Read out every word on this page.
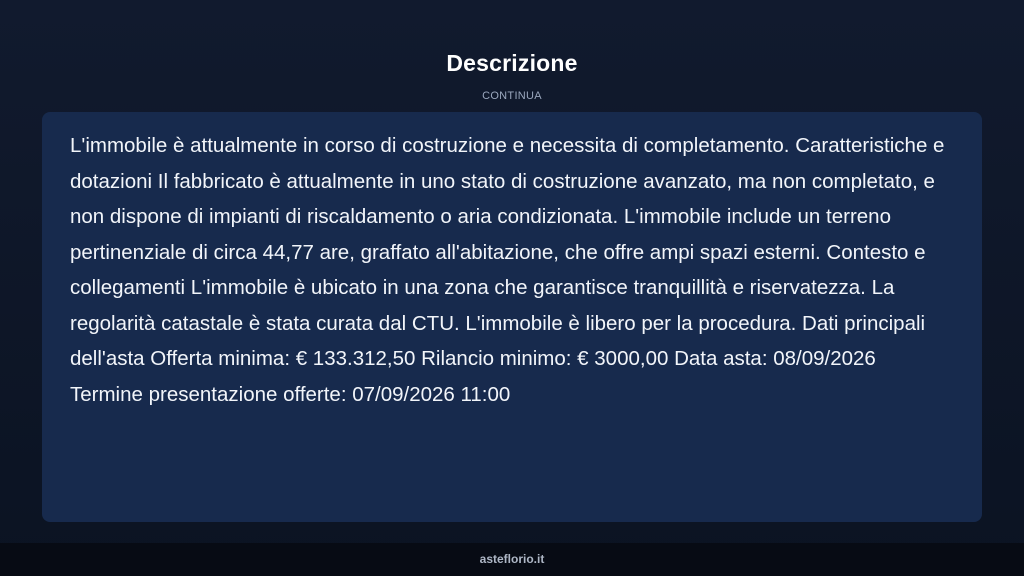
Descrizione
CONTINUA

L'immobile è attualmente in corso di costruzione e necessita di completamento. Caratteristiche e dotazioni Il fabbricato è attualmente in uno stato di costruzione avanzato, ma non completato, e non dispone di impianti di riscaldamento o aria condizionata. L'immobile include un terreno pertinenziale di circa 44,77 are, graffato all'abitazione, che offre ampi spazi esterni. Contesto e collegamenti L'immobile è ubicato in una zona che garantisce tranquillità e riservatezza. La regolarità catastale è stata curata dal CTU. L'immobile è libero per la procedura. Dati principali dell'asta Offerta minima: € 133.312,50 Rilancio minimo: € 3000,00 Data asta: 08/09/2026 Termine presentazione offerte: 07/09/2026 11:00

asteflorio.it
